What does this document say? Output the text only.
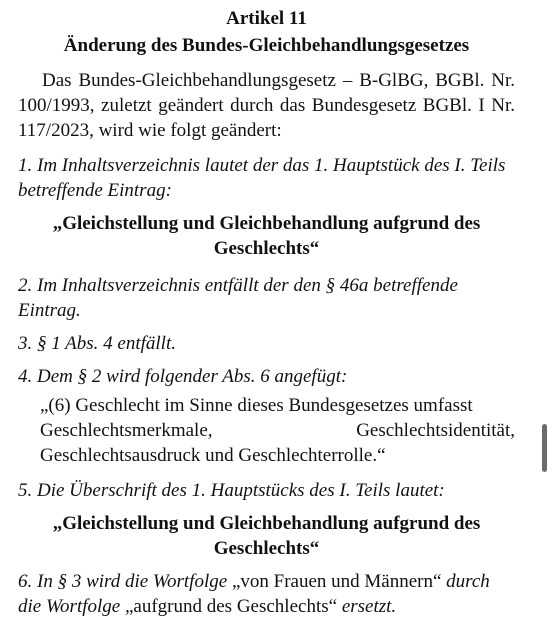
Artikel 11

Änderung des Bundes-Gleichbehandlungsgesetzes

Das Bundes-Gleichbehandlungsgesetz – B-GlBG, BGBl. Nr. 100/1993, zuletzt geändert durch das Bundesgesetz BGBl. I Nr. 117/2023, wird wie folgt geändert:

1. Im Inhaltsverzeichnis lautet der das 1. Hauptstück des I. Teils betreffende Eintrag:

„Gleichstellung und Gleichbehandlung aufgrund des Geschlechts“

2. Im Inhaltsverzeichnis entfällt der den § 46a betreffende Eintrag.

3. § 1 Abs. 4 entfällt.

4. Dem § 2 wird folgender Abs. 6 angefügt:

„(6) Geschlecht im Sinne dieses Bundesgesetzes umfasst
Geschlechtsmerkmale,	Geschlechtsidentität,
Geschlechtsausdruck und Geschlechterrolle.“

5. Die Überschrift des 1. Hauptstücks des I. Teils lautet:

„Gleichstellung und Gleichbehandlung aufgrund des Geschlechts“

6. In § 3 wird die Wortfolge „von Frauen und Männern“ durch die Wortfolge „aufgrund des Geschlechts“ ersetzt.
